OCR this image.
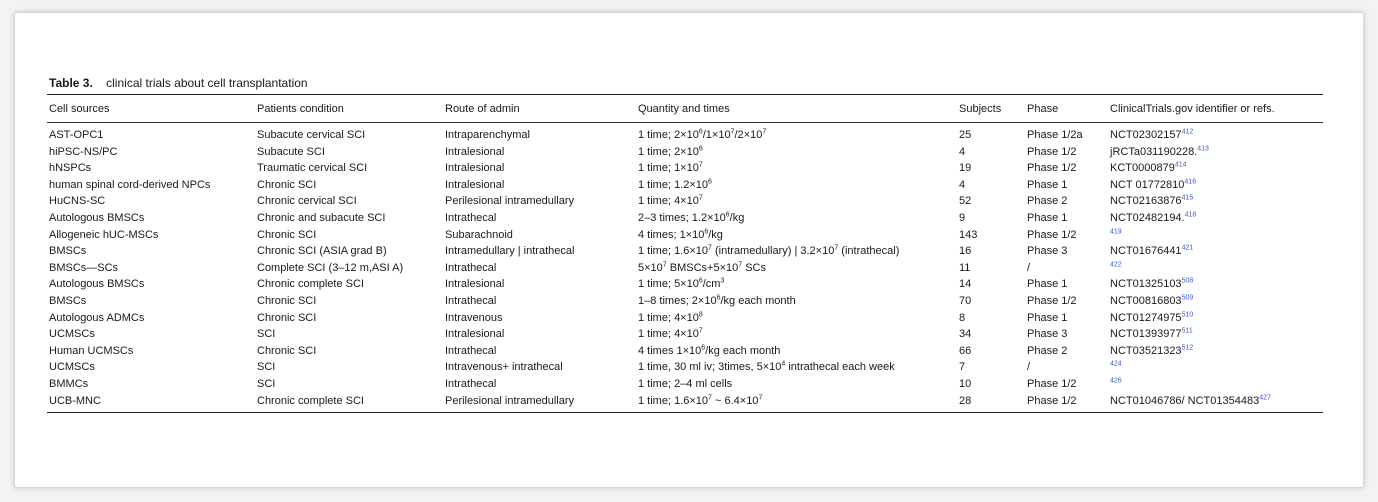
Table 3. clinical trials about cell transplantation
Cell sources	Patients condition	Route of admin	Quantity and times	Subjects	Phase	ClinicalTrials.gov identifier or refs.

AST-OPC1	Subacute cervical SCI	Intraparenchymal	1 time; $2\times 10^6/1\times 10^7/2\times 10^7$	25	Phase 1/2a	NCT02302157$^{412}$
hiPSC-NS/PC	Subacute SCI	Intralesional	1 time; $2\times 10^6$	4	Phase 1/2	jRCTa031190228.$^{413}$
hNSPCs	Traumatic cervical SCI	Intralesional	1 time; $1\times 10^7$	19	Phase 1/2	KCT0000879$^{414}$
human spinal cord-derived NPCs	Chronic SCI	Intralesional	1 time; $1.2\times 10^6$	4	Phase 1	NCT 01772810$^{416}$
HuCNS-SC	Chronic cervical SCI	Perilesional intramedullary	1 time; $4\times 10^7$	52	Phase 2	NCT02163876$^{415}$
Autologous BMSCs	Chronic and subacute SCI	Intrathecal	2–3 times; $1.2\times 10^6/kg$	9	Phase 1	NCT02482194.$^{418}$
Allogeneic hUC-MSCs	Chronic SCI	Subarachnoid	4 times; $1\times 10^6/kg$	143	Phase 1/2	$^{419}$
BMSCs	Chronic SCI (ASIA grad B)	Intramedullary | intrathecal	1 time; $1.6\times 10^7$ (intramedullary) | $3.2\times 10^7$ (intrathecal)	16	Phase 3	NCT01676441$^{421}$
BMSCs—SCs	Complete SCI (3–12 m,ASI A)	Intrathecal	$5\times 10^7$ $BMSCs+5\times 10^7$ SCs	11	/	$^{422}$
Autologous BMSCs	Chronic complete SCI	Intralesional	1 time; $5\times 10^6/cm^3$	14	Phase 1	NCT01325103$^{508}$
BMSCs	Chronic SCI	Intrathecal	1–8 times; $2\times 10^6/kg$ each month	70	Phase 1/2	NCT00816803$^{509}$
Autologous ADMCs	Chronic SCI	Intravenous	1 time; $4\times 10^8$	8	Phase 1	NCT01274975$^{510}$
UCMSCs	SCI	Intralesional	1 time; $4\times 10^7$	34	Phase 3	NCT01393977$^{511}$
Human UCMSCs	Chronic SCI	Intrathecal	4 times $1\times 10^6/kg$ each month	66	Phase 2	NCT03521323$^{512}$
UCMSCs	SCI	Intravenous+ intrathecal	1 time, 30 ml iv; 3times, $5\times 10^4$ intrathecal each week	7	/	$^{424}$
BMMCs	SCI	Intrathecal	1 time; 2–4 ml cells	10	Phase 1/2	$^{426}$
UCB-MNC	Chronic complete SCI	Perilesional intramedullary	1 time; $1.6\times 10^7$ ~ $6.4\times 10^7$	28	Phase 1/2	NCT01046786/ NCT01354483$^{427}$
